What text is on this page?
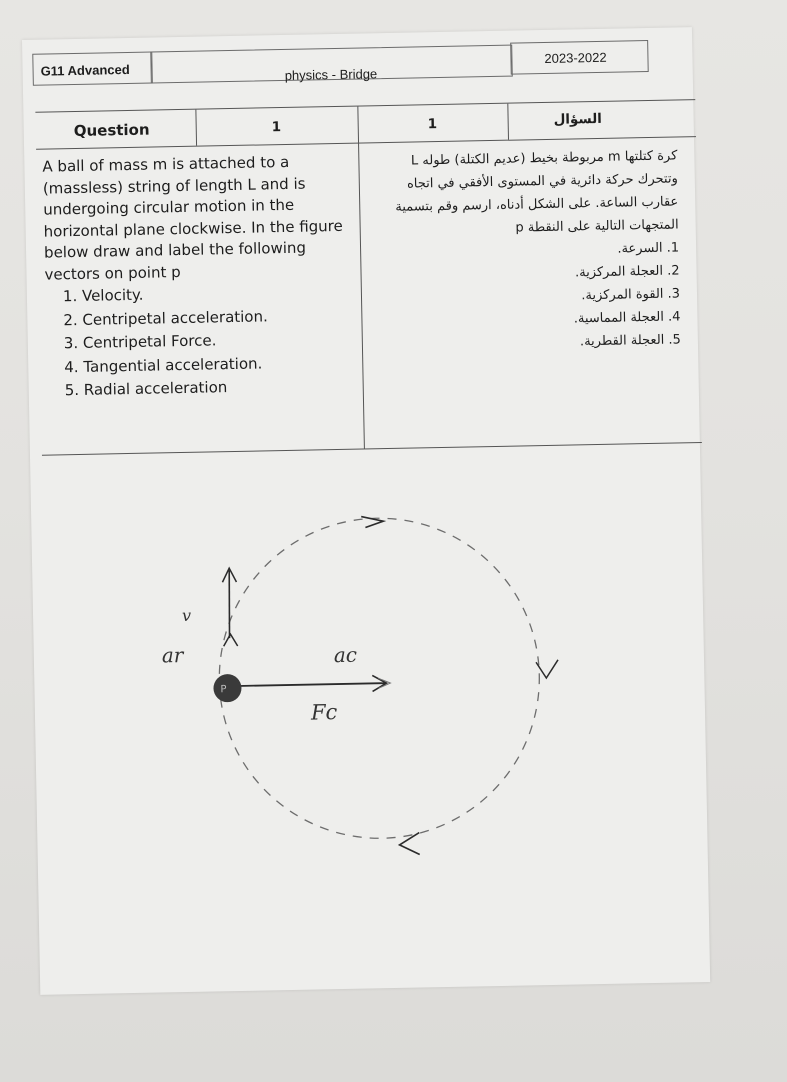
G11 Advanced	physics - Bridge
2023-2022
Question	1	1	السؤال
A ball of mass m is attached to a (massless) string of length L and is undergoing circular motion in the horizontal plane clockwise. In the figure below draw and label the following vectors on point p
1. Velocity.
2. Centripetal acceleration.
3. Centripetal Force.
4. Tangential acceleration.
5. Radial acceleration
كرة كتلتها m مربوطة بخيط (عديم الكتلة) طوله L وتتحرك حركة دائرية في المستوى الأفقي في اتجاه عقارب الساعة. على الشكل أدناه، ارسم وقم بتسمية المتجهات التالية على النقطة p
1. السرعة.
2. العجلة المركزية.
3. القوة المركزية.
4. العجلة المماسية.
5. العجلة القطرية.
P
v
ar	ac
Fc
